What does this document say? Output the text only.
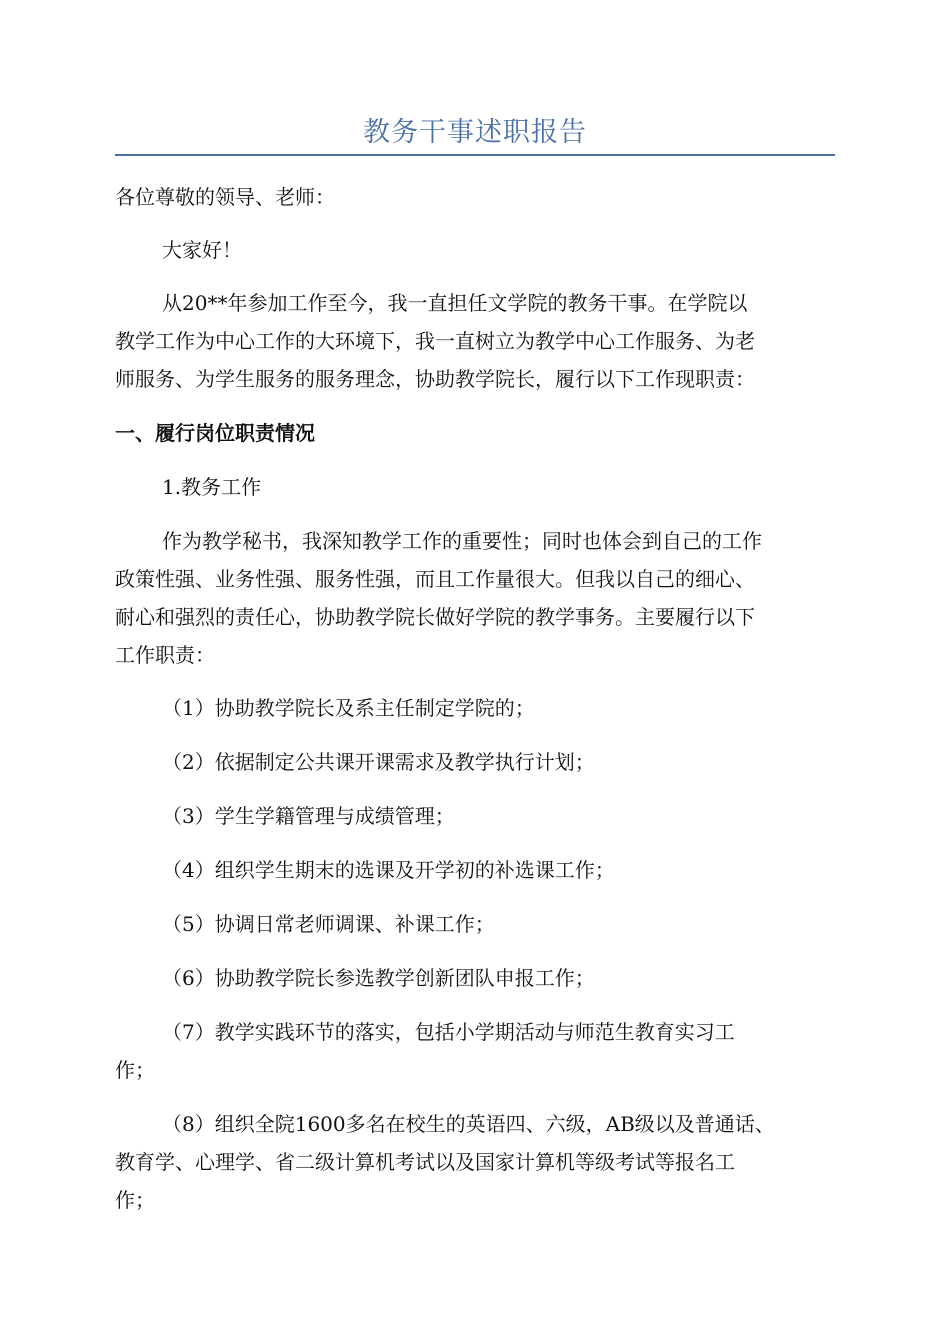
教务干事述职报告
各位尊敬的领导、老师：
大家好！
从20**年参加工作至今，我一直担任文学院的教务干事。在学院以
教学工作为中心工作的大环境下，我一直树立为教学中心工作服务、为老
师服务、为学生服务的服务理念，协助教学院长，履行以下工作现职责：
一、履行岗位职责情况
1.教务工作
作为教学秘书，我深知教学工作的重要性；同时也体会到自己的工作
政策性强、业务性强、服务性强，而且工作量很大。但我以自己的细心、
耐心和强烈的责任心，协助教学院长做好学院的教学事务。主要履行以下
工作职责：
（1）协助教学院长及系主任制定学院的；
（2）依据制定公共课开课需求及教学执行计划；
（3）学生学籍管理与成绩管理；
（4）组织学生期末的选课及开学初的补选课工作；
（5）协调日常老师调课、补课工作；
（6）协助教学院长参选教学创新团队申报工作；
（7）教学实践环节的落实，包括小学期活动与师范生教育实习工
作；
（8）组织全院1600多名在校生的英语四、六级，AB级以及普通话、
教育学、心理学、省二级计算机考试以及国家计算机等级考试等报名工
作；
